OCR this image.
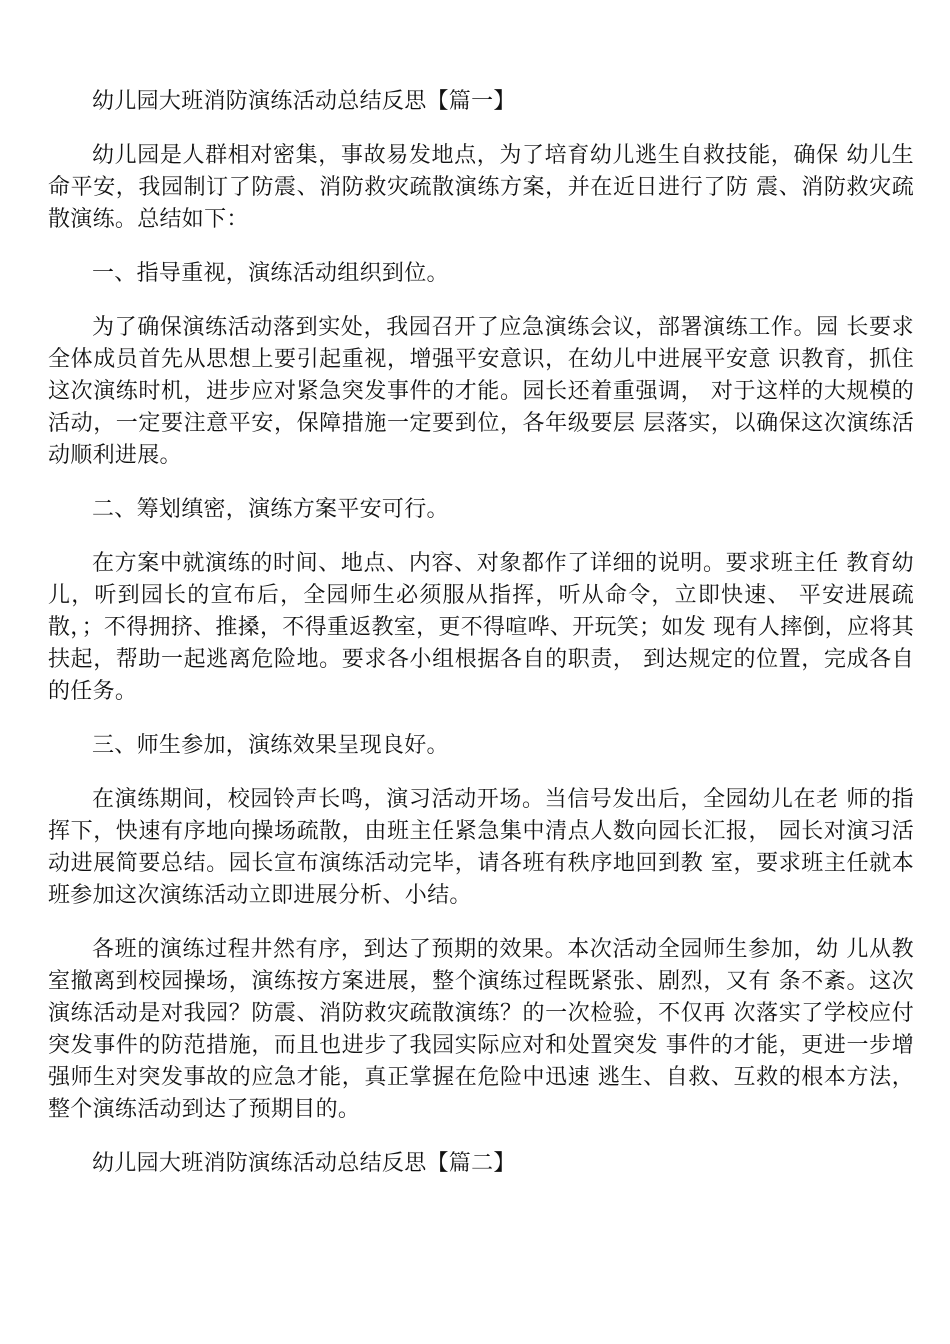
幼儿园大班消防演练活动总结反思【篇一】

幼儿园是人群相对密集，事故易发地点，为了培育幼儿逃生自救技能，确保 幼儿生命平安，我园制订了防震、消防救灾疏散演练方案，并在近日进行了防 震、消防救灾疏散演练。总结如下：

一、指导重视，演练活动组织到位。

为了确保演练活动落到实处，我园召开了应急演练会议，部署演练工作。园 长要求全体成员首先从思想上要引起重视，增强平安意识，在幼儿中进展平安意 识教育，抓住这次演练时机，进步应对紧急突发事件的才能。园长还着重强调， 对于这样的大规模的活动，一定要注意平安，保障措施一定要到位，各年级要层 层落实，以确保这次演练活动顺利进展。

二、筹划缜密，演练方案平安可行。

在方案中就演练的时间、地点、内容、对象都作了详细的说明。要求班主任 教育幼儿，听到园长的宣布后，全园师生必须服从指挥，听从命令，立即快速、 平安进展疏散，；不得拥挤、推搡，不得重返教室，更不得喧哗、开玩笑；如发 现有人摔倒，应将其扶起，帮助一起逃离危险地。要求各小组根据各自的职责， 到达规定的位置，完成各自的任务。

三、师生参加，演练效果呈现良好。

在演练期间，校园铃声长鸣，演习活动开场。当信号发出后，全园幼儿在老 师的指挥下，快速有序地向操场疏散，由班主任紧急集中清点人数向园长汇报， 园长对演习活动进展简要总结。园长宣布演练活动完毕，请各班有秩序地回到教 室，要求班主任就本班参加这次演练活动立即进展分析、小结。

各班的演练过程井然有序，到达了预期的效果。本次活动全园师生参加，幼 儿从教室撤离到校园操场，演练按方案进展，整个演练过程既紧张、剧烈，又有 条不紊。这次演练活动是对我园？防震、消防救灾疏散演练？的一次检验，不仅再 次落实了学校应付突发事件的防范措施，而且也进步了我园实际应对和处置突发 事件的才能，更进一步增强师生对突发事故的应急才能，真正掌握在危险中迅速 逃生、自救、互救的根本方法，整个演练活动到达了预期目的。

幼儿园大班消防演练活动总结反思【篇二】
